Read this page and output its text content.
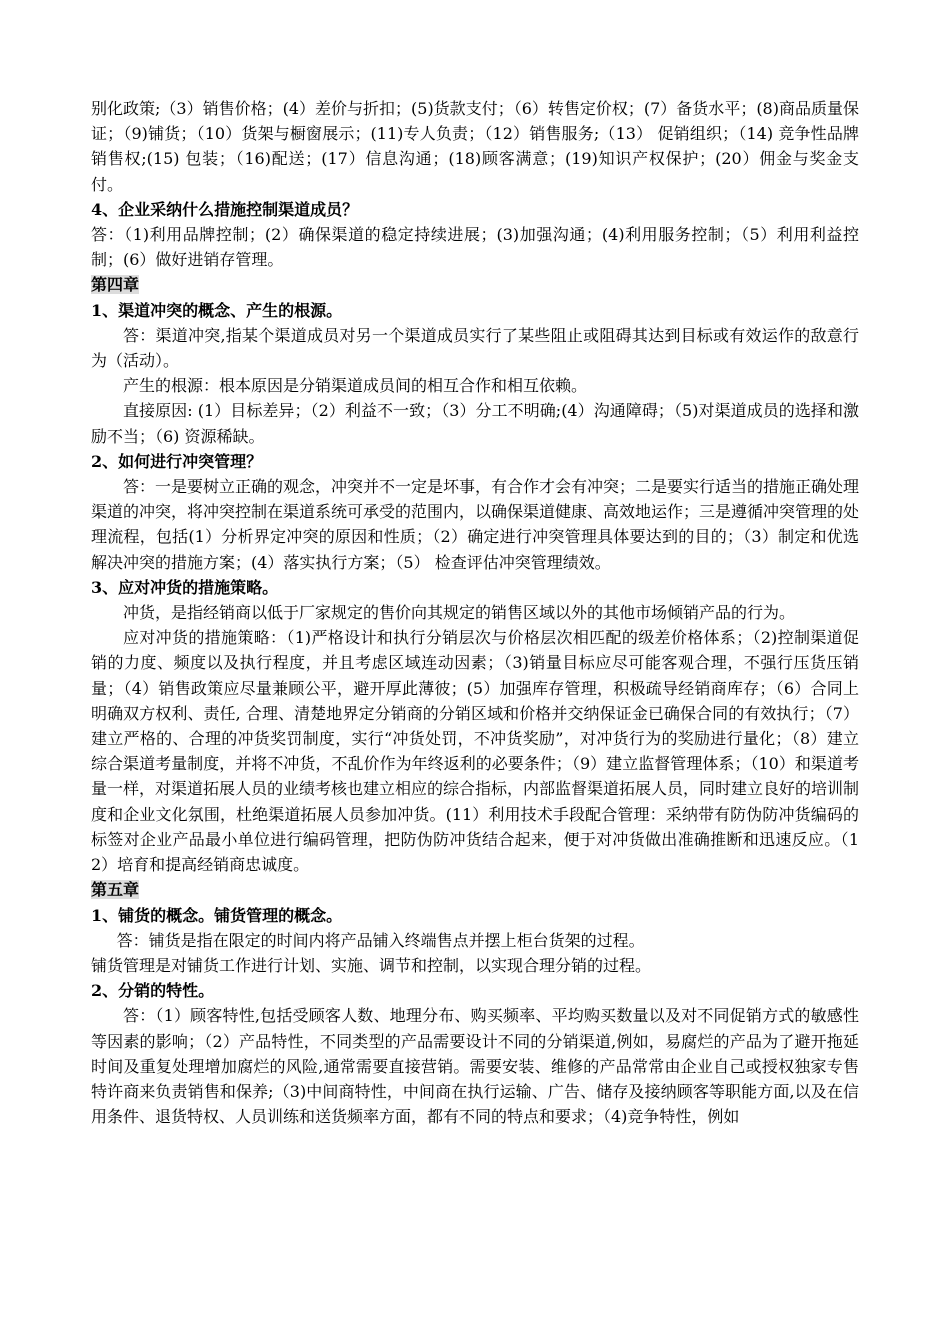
别化政策;（3）销售价格；(4）差价与折扣；(5)货款支付；（6）转售定价权；(7）备货水平；(8)商品质量保证；（9)铺货；（10）货架与橱窗展示；(11)专人负责；（12）销售服务;（13） 促销组织；（14) 竞争性品牌销售权;(15) 包装；（16)配送；(17）信息沟通；(18)顾客满意；(19)知识产权保护；(20）佣金与奖金支付。

4、企业采纳什么措施控制渠道成员？

答：（1)利用品牌控制；(2）确保渠道的稳定持续进展；(3)加强沟通；(4)利用服务控制；（5）利用利益控制；(6）做好进销存管理。

第四章

1、渠道冲突的概念、产生的根源。

答：渠道冲突,指某个渠道成员对另一个渠道成员实行了某些阻止或阻碍其达到目标或有效运作的敌意行为（活动）。

产生的根源：根本原因是分销渠道成员间的相互合作和相互依赖。

直接原因: (1）目标差异；（2）利益不一致；（3）分工不明确;(4）沟通障碍；（5)对渠道成员的选择和激励不当；（6) 资源稀缺。

2、如何进行冲突管理？

答：一是要树立正确的观念，冲突并不一定是坏事，有合作才会有冲突；二是要实行适当的措施正确处理渠道的冲突，将冲突控制在渠道系统可承受的范围内，以确保渠道健康、高效地运作；三是遵循冲突管理的处理流程，包括(1）分析界定冲突的原因和性质；（2）确定进行冲突管理具体要达到的目的；（3）制定和优选解决冲突的措施方案；(4）落实执行方案；（5） 检查评估冲突管理绩效。

3、应对冲货的措施策略。

冲货，是指经销商以低于厂家规定的售价向其规定的销售区域以外的其他市场倾销产品的行为。

应对冲货的措施策略：（1)严格设计和执行分销层次与价格层次相匹配的级差价格体系；（2)控制渠道促销的力度、频度以及执行程度，并且考虑区域连动因素；（3)销量目标应尽可能客观合理，不强行压货压销量；（4）销售政策应尽量兼顾公平，避开厚此薄彼；(5）加强库存管理，积极疏导经销商库存；（6）合同上明确双方权利、责任, 合理、清楚地界定分销商的分销区域和价格并交纳保证金已确保合同的有效执行；（7）建立严格的、合理的冲货奖罚制度，实行“冲货处罚，不冲货奖励”，对冲货行为的奖励进行量化；（8）建立综合渠道考量制度，并将不冲货，不乱价作为年终返利的必要条件；（9）建立监督管理体系；（10）和渠道考量一样，对渠道拓展人员的业绩考核也建立相应的综合指标，内部监督渠道拓展人员，同时建立良好的培训制度和企业文化氛围，杜绝渠道拓展人员参加冲货。(11）利用技术手段配合管理：采纳带有防伪防冲货编码的标签对企业产品最小单位进行编码管理，把防伪防冲货结合起来，便于对冲货做出准确推断和迅速反应。（12）培育和提高经销商忠诚度。

第五章

1、铺货的概念。铺货管理的概念。

答：铺货是指在限定的时间内将产品铺入终端售点并摆上柜台货架的过程。

铺货管理是对铺货工作进行计划、实施、调节和控制，以实现合理分销的过程。

2、分销的特性。

答：（1）顾客特性,包括受顾客人数、地理分布、购买频率、平均购买数量以及对不同促销方式的敏感性等因素的影响；（2）产品特性，不同类型的产品需要设计不同的分销渠道,例如，易腐烂的产品为了避开拖延时间及重复处理增加腐烂的风险,通常需要直接营销。需要安装、维修的产品常常由企业自己或授权独家专售特许商来负责销售和保养;（3)中间商特性，中间商在执行运输、广告、储存及接纳顾客等职能方面,以及在信用条件、退货特权、人员训练和送货频率方面，都有不同的特点和要求；（4)竞争特性，例如
